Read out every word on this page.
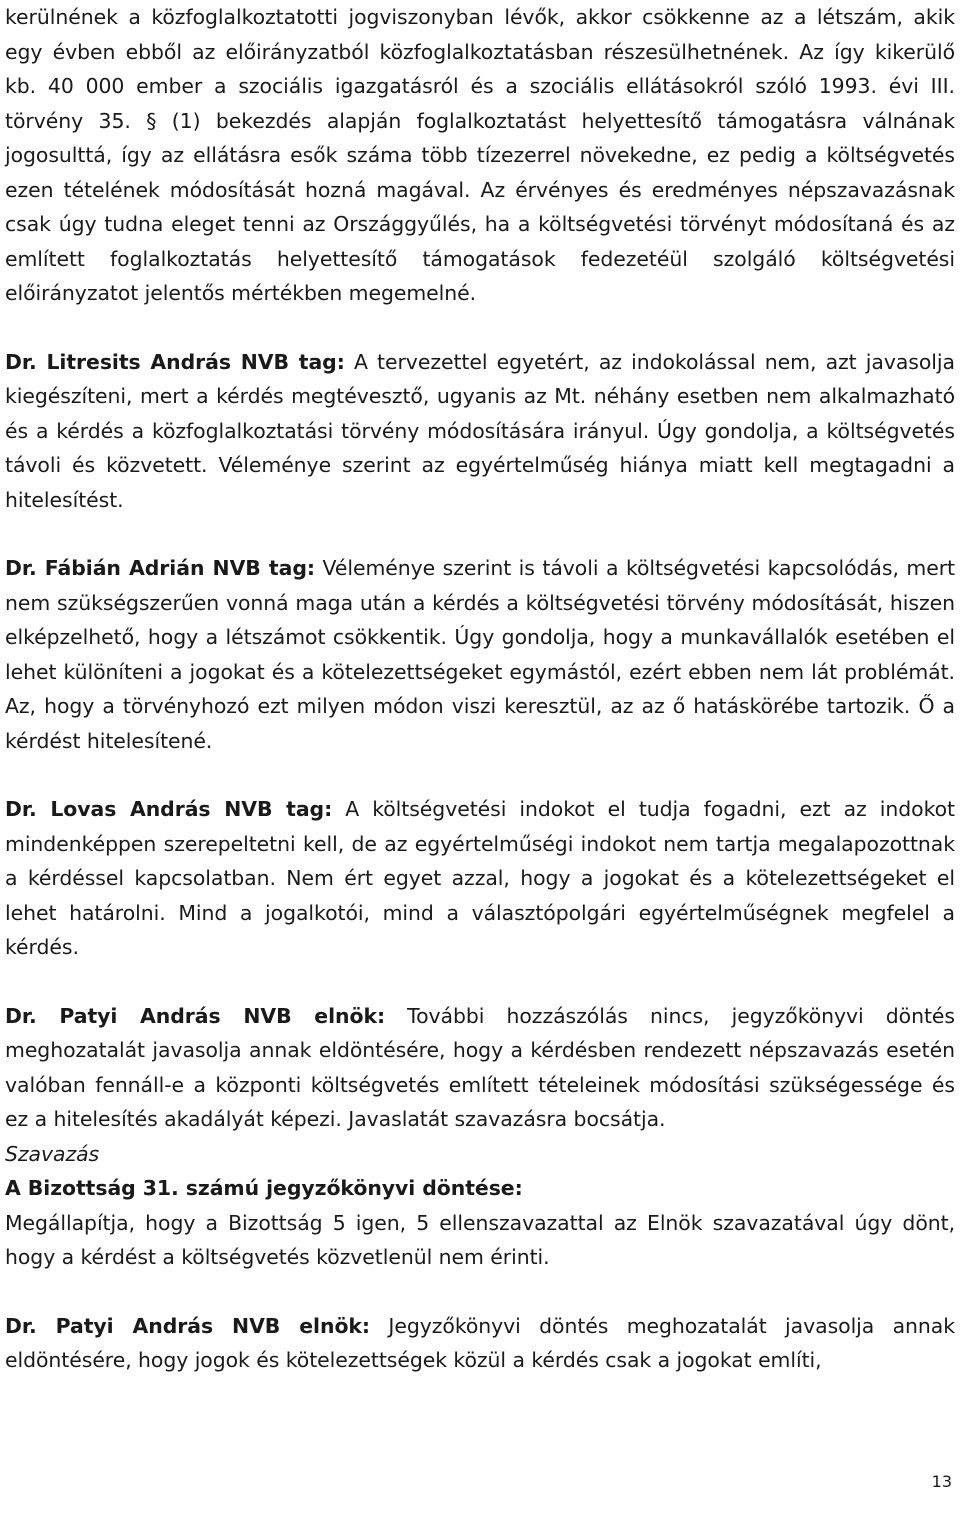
kerülnének a közfoglalkoztatotti jogviszonyban lévők, akkor csökkenne az a létszám, akik egy évben ebből az előirányzatból közfoglalkoztatásban részesülhetnének. Az így kikerülő kb. 40 000 ember a szociális igazgatásról és a szociális ellátásokról szóló 1993. évi III. törvény 35. § (1) bekezdés alapján foglalkoztatást helyettesítő támogatásra válnának jogosulttá, így az ellátásra esők száma több tízezerrel növekedne, ez pedig a költségvetés ezen tételének módosítását hozná magával. Az érvényes és eredményes népszavazásnak csak úgy tudna eleget tenni az Országgyűlés, ha a költségvetési törvényt módosítaná és az említett foglalkoztatás helyettesítő támogatások fedezetéül szolgáló költségvetési előirányzatot jelentős mértékben megemelné.

Dr. Litresits András NVB tag: A tervezettel egyetért, az indokolással nem, azt javasolja kiegészíteni, mert a kérdés megtévesztő, ugyanis az Mt. néhány esetben nem alkalmazható és a kérdés a közfoglalkoztatási törvény módosítására irányul. Úgy gondolja, a költségvetés távoli és közvetett. Véleménye szerint az egyértelműség hiánya miatt kell megtagadni a hitelesítést.

Dr. Fábián Adrián NVB tag: Véleménye szerint is távoli a költségvetési kapcsolódás, mert nem szükségszerűen vonná maga után a kérdés a költségvetési törvény módosítását, hiszen elképzelhető, hogy a létszámot csökkentik. Úgy gondolja, hogy a munkavállalók esetében el lehet különíteni a jogokat és a kötelezettségeket egymástól, ezért ebben nem lát problémát. Az, hogy a törvényhozó ezt milyen módon viszi keresztül, az az ő hatáskörébe tartozik. Ő a kérdést hitelesítené.

Dr. Lovas András NVB tag: A költségvetési indokot el tudja fogadni, ezt az indokot mindenképpen szerepeltetni kell, de az egyértelműségi indokot nem tartja megalapozottnak a kérdéssel kapcsolatban. Nem ért egyet azzal, hogy a jogokat és a kötelezettségeket el lehet határolni. Mind a jogalkotói, mind a választópolgári egyértelműségnek megfelel a kérdés.

Dr. Patyi András NVB elnök: További hozzászólás nincs, jegyzőkönyvi döntés meghozatalát javasolja annak eldöntésére, hogy a kérdésben rendezett népszavazás esetén valóban fennáll-e a központi költségvetés említett tételeinek módosítási szükségessége és ez a hitelesítés akadályát képezi. Javaslatát szavazásra bocsátja.

Szavazás

A Bizottság 31. számú jegyzőkönyvi döntése:

Megállapítja, hogy a Bizottság 5 igen, 5 ellenszavazattal az Elnök szavazatával úgy dönt, hogy a kérdést a költségvetés közvetlenül nem érinti.

Dr. Patyi András NVB elnök: Jegyzőkönyvi döntés meghozatalát javasolja annak eldöntésére, hogy jogok és kötelezettségek közül a kérdés csak a jogokat említi,

13
